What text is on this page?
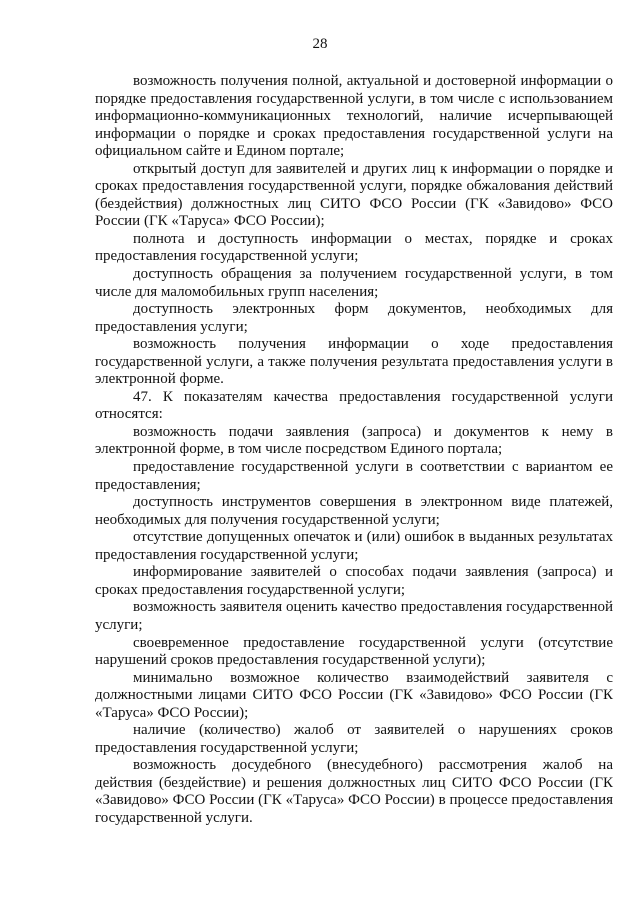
28

возможность получения полной, актуальной и достоверной информации о порядке предоставления государственной услуги, в том числе с использованием информационно-коммуникационных технологий, наличие исчерпывающей информации о порядке и сроках предоставления государственной услуги на официальном сайте и Едином портале;

открытый доступ для заявителей и других лиц к информации о порядке и сроках предоставления государственной услуги, порядке обжалования действий (бездействия) должностных лиц СИТО ФСО России (ГК «Завидово» ФСО России (ГК «Таруса» ФСО России);

полнота и доступность информации о местах, порядке и сроках предоставления государственной услуги;

доступность обращения за получением государственной услуги, в том числе для маломобильных групп населения;

доступность электронных форм документов, необходимых для предоставления услуги;

возможность получения информации о ходе предоставления государственной услуги, а также получения результата предоставления услуги в электронной форме.

47. К показателям качества предоставления государственной услуги относятся:

возможность подачи заявления (запроса) и документов к нему в электронной форме, в том числе посредством Единого портала;

предоставление государственной услуги в соответствии с вариантом ее предоставления;

доступность инструментов совершения в электронном виде платежей, необходимых для получения государственной услуги;

отсутствие допущенных опечаток и (или) ошибок в выданных результатах предоставления государственной услуги;

информирование заявителей о способах подачи заявления (запроса) и сроках предоставления государственной услуги;

возможность заявителя оценить качество предоставления государственной услуги;

своевременное предоставление государственной услуги (отсутствие нарушений сроков предоставления государственной услуги);

минимально возможное количество взаимодействий заявителя с должностными лицами СИТО ФСО России (ГК «Завидово» ФСО России (ГК «Таруса» ФСО России);

наличие (количество) жалоб от заявителей о нарушениях сроков предоставления государственной услуги;

возможность досудебного (внесудебного) рассмотрения жалоб на действия (бездействие) и решения должностных лиц СИТО ФСО России (ГК «Завидово» ФСО России (ГК «Таруса» ФСО России) в процессе предоставления государственной услуги.
